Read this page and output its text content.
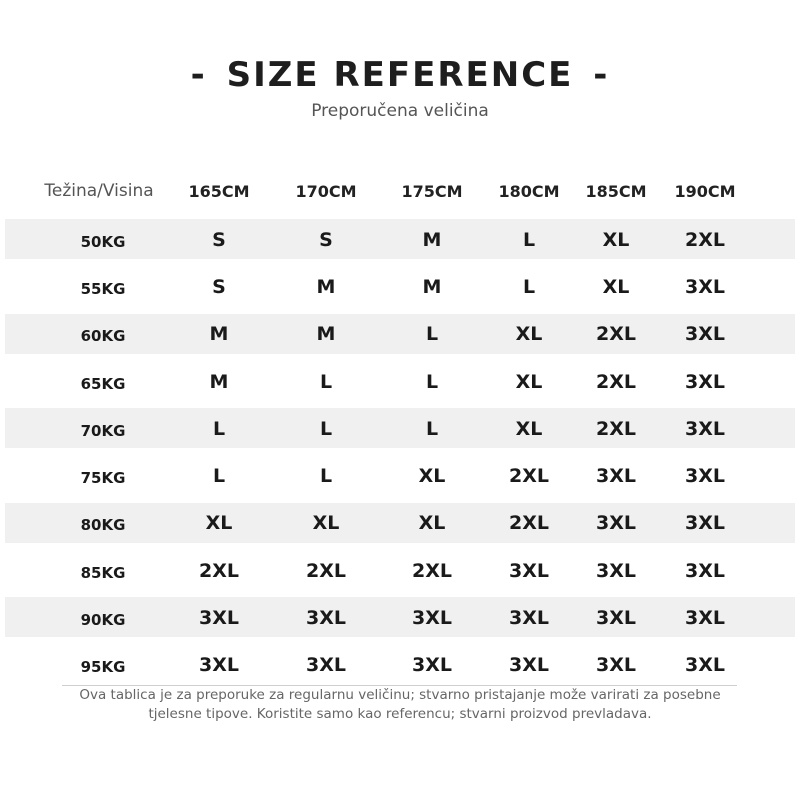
- SIZE REFERENCE -
Preporučena veličina
Težina/Visina	165CM	170CM	175CM	180CM	185CM	190CM
50KG	S	S	M	L	XL	2XL
55KG	S	M	M	L	XL	3XL
60KG	M	M	L	XL	2XL	3XL
65KG	M	L	L	XL	2XL	3XL
70KG	L	L	L	XL	2XL	3XL
75KG	L	L	XL	2XL	3XL	3XL
80KG	XL	XL	XL	2XL	3XL	3XL
85KG	2XL	2XL	2XL	3XL	3XL	3XL
90KG	3XL	3XL	3XL	3XL	3XL	3XL
95KG	3XL	3XL	3XL	3XL	3XL	3XL
Ova tablica je za preporuke za regularnu veličinu; stvarno pristajanje može varirati za posebne
tjelesne tipove. Koristite samo kao referencu; stvarni proizvod prevladava.
